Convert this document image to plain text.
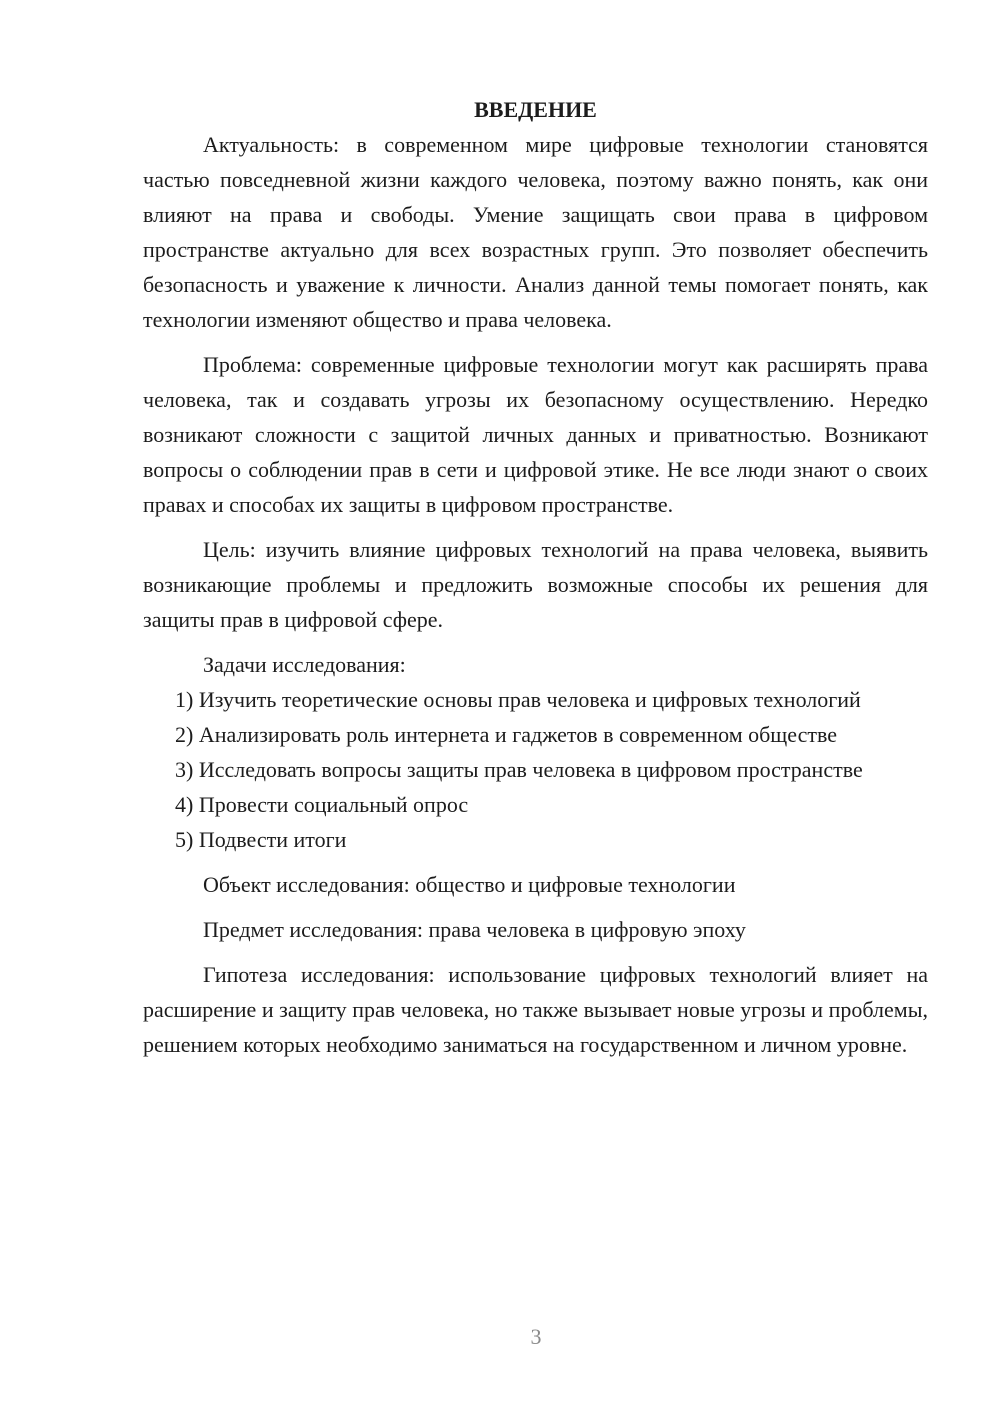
ВВЕДЕНИЕ

Актуальность: в современном мире цифровые технологии становятся частью повседневной жизни каждого человека, поэтому важно понять, как они влияют на права и свободы. Умение защищать свои права в цифровом пространстве актуально для всех возрастных групп. Это позволяет обеспечить безопасность и уважение к личности. Анализ данной темы помогает понять, как технологии изменяют общество и права человека.

Проблема: современные цифровые технологии могут как расширять права человека, так и создавать угрозы их безопасному осуществлению. Нередко возникают сложности с защитой личных данных и приватностью. Возникают вопросы о соблюдении прав в сети и цифровой этике. Не все люди знают о своих правах и способах их защиты в цифровом пространстве.

Цель: изучить влияние цифровых технологий на права человека, выявить возникающие проблемы и предложить возможные способы их решения для защиты прав в цифровой сфере.

Задачи исследования:

1) Изучить теоретические основы прав человека и цифровых технологий

2) Анализировать роль интернета и гаджетов в современном обществе

3) Исследовать вопросы защиты прав человека в цифровом пространстве

4) Провести социальный опрос

5) Подвести итоги

Объект исследования: общество и цифровые технологии

Предмет исследования: права человека в цифровую эпоху

Гипотеза исследования: использование цифровых технологий влияет на расширение и защиту прав человека, но также вызывает новые угрозы и проблемы, решением которых необходимо заниматься на государственном и личном уровне.

3
